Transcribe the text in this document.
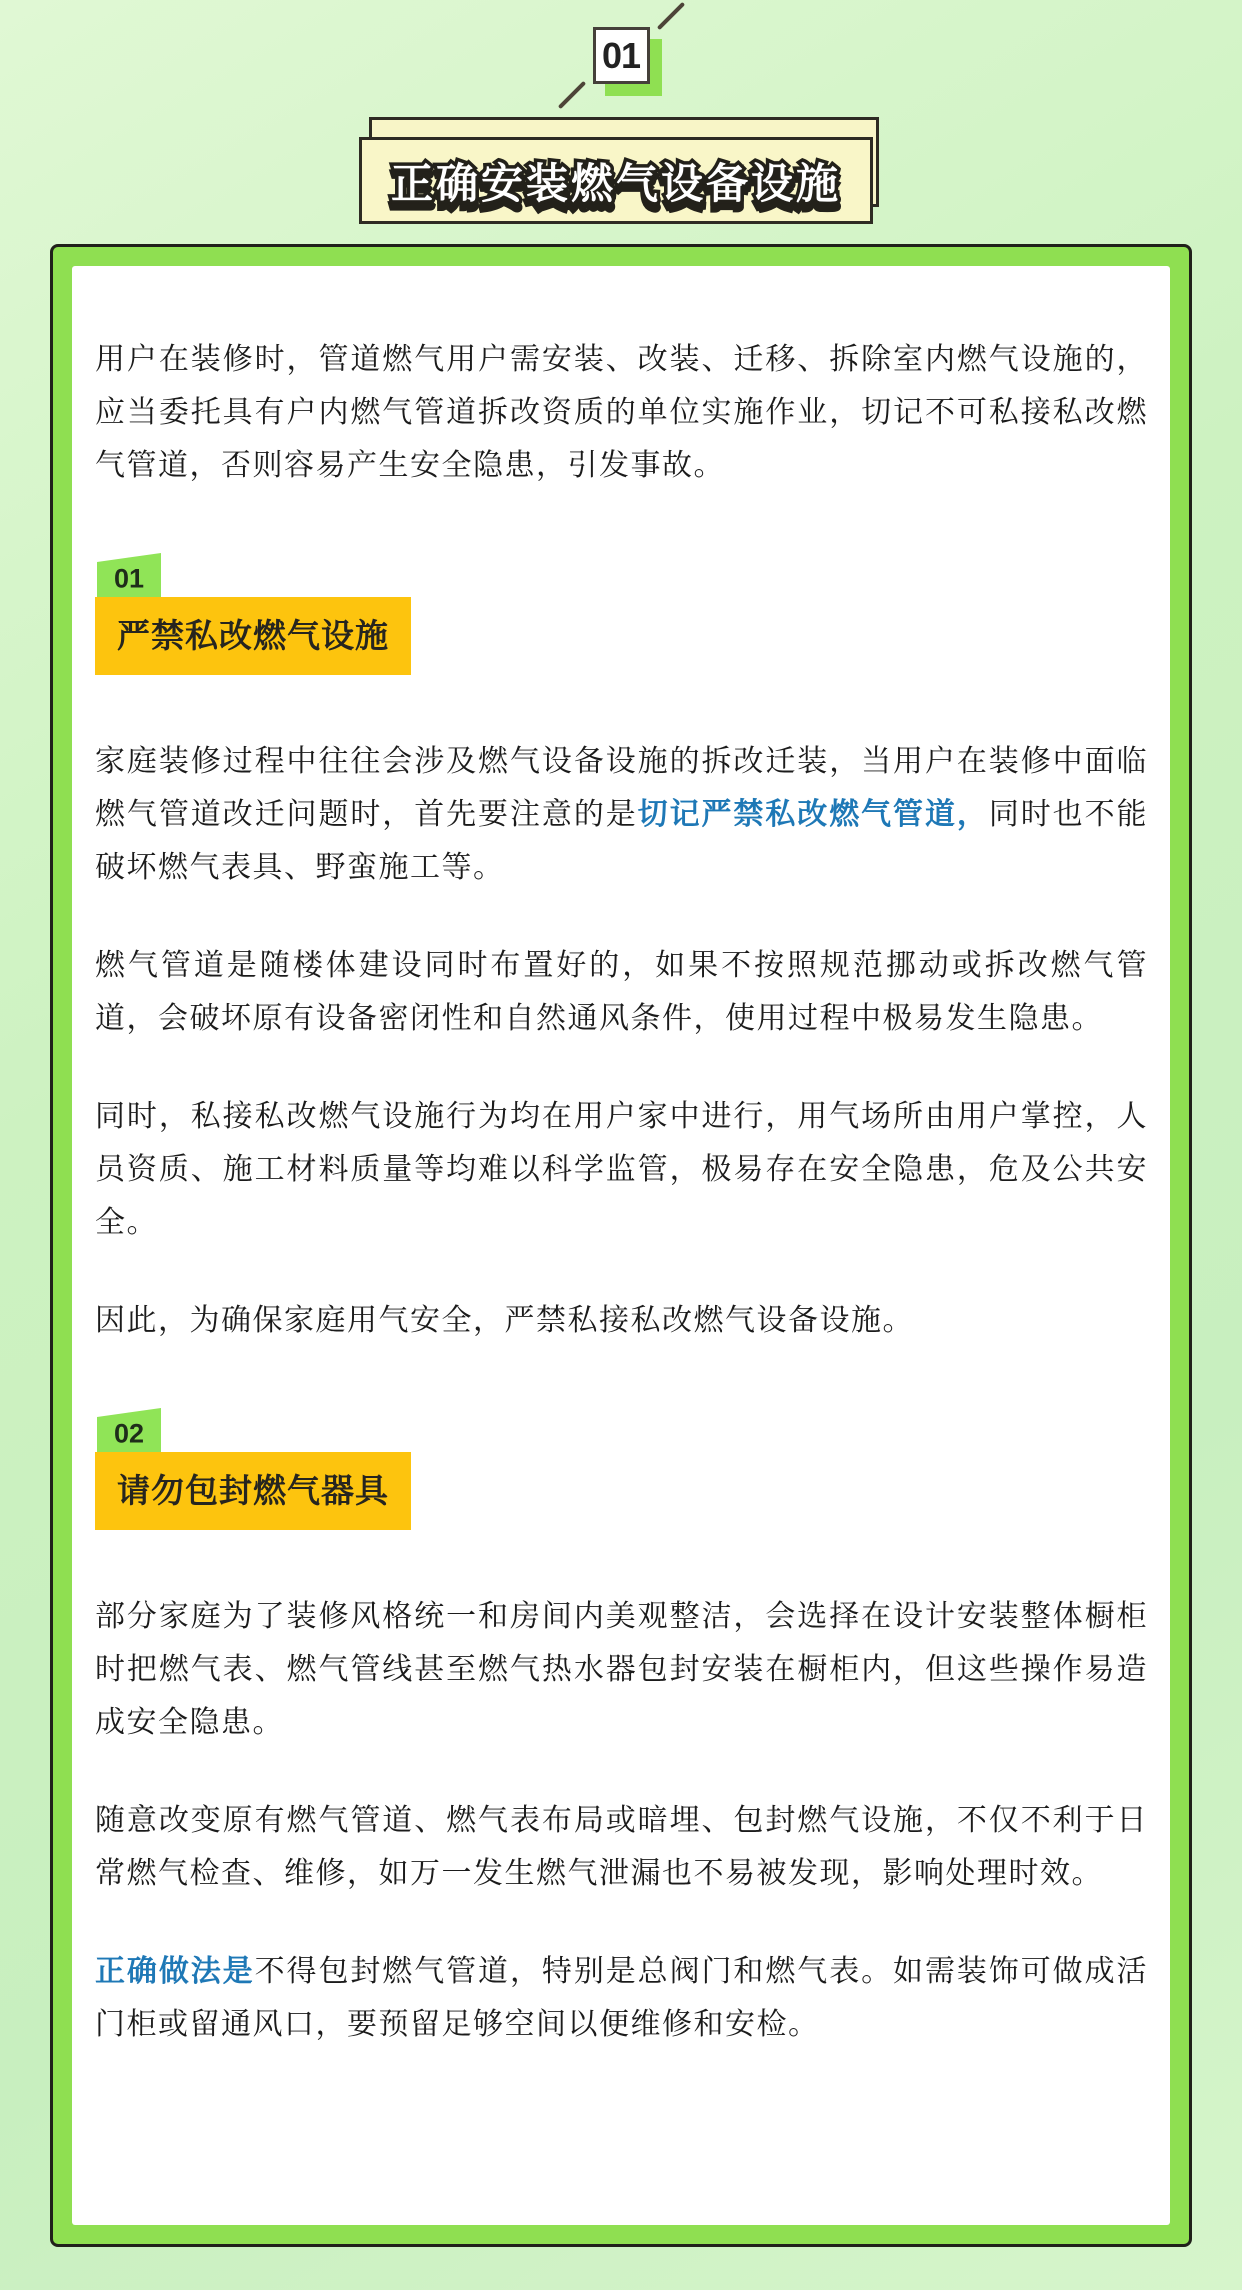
01
正确安装燃气设备设施 正确安装燃气设备设施 正确安装燃气设备设施

用户在装修时，管道燃气用户需安装、改装、迁移、拆除室内燃气设施的，应当委托具有户内燃气管道拆改资质的单位实施作业，切记不可私接私改燃气管道，否则容易产生安全隐患，引发事故。

01
严禁私改燃气设施

家庭装修过程中往往会涉及燃气设备设施的拆改迁装，当用户在装修中面临燃气管道改迁问题时，首先要注意的是切记严禁私改燃气管道，同时也不能破坏燃气表具、野蛮施工等。

燃气管道是随楼体建设同时布置好的，如果不按照规范挪动或拆改燃气管道，会破坏原有设备密闭性和自然通风条件，使用过程中极易发生隐患。

同时，私接私改燃气设施行为均在用户家中进行，用气场所由用户掌控，人员资质、施工材料质量等均难以科学监管，极易存在安全隐患，危及公共安全。

因此，为确保家庭用气安全，严禁私接私改燃气设备设施。

02
请勿包封燃气器具

部分家庭为了装修风格统一和房间内美观整洁，会选择在设计安装整体橱柜时把燃气表、燃气管线甚至燃气热水器包封安装在橱柜内，但这些操作易造成安全隐患。

随意改变原有燃气管道、燃气表布局或暗埋、包封燃气设施，不仅不利于日常燃气检查、维修，如万一发生燃气泄漏也不易被发现，影响处理时效。

正确做法是不得包封燃气管道，特别是总阀门和燃气表。如需装饰可做成活门柜或留通风口，要预留足够空间以便维修和安检。
